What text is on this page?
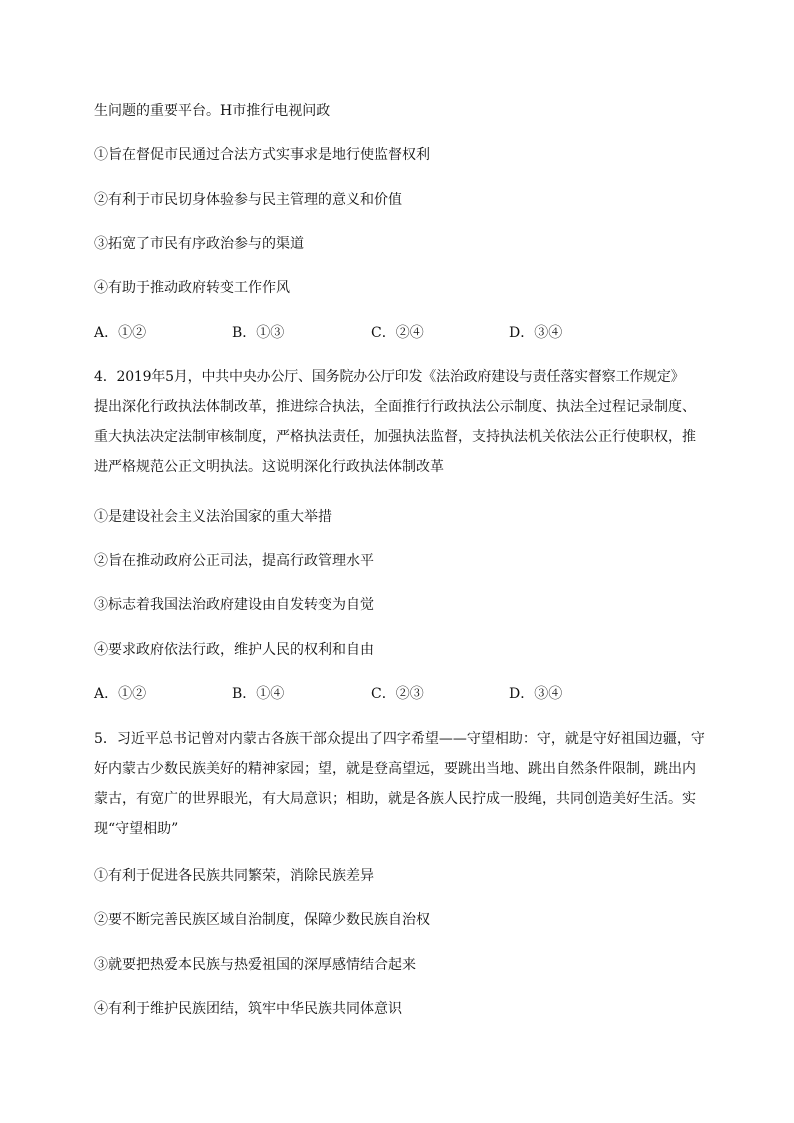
生问题的重要平台。H市推行电视问政
①旨在督促市民通过合法方式实事求是地行使监督权利
②有利于市民切身体验参与民主管理的意义和价值
③拓宽了市民有序政治参与的渠道
④有助于推动政府转变工作作风
A．①②	B．①③	C．②④	D．③④
4．2019年5月，中共中央办公厅、国务院办公厅印发《法治政府建设与责任落实督察工作规定》
提出深化行政执法体制改革，推进综合执法，全面推行行政执法公示制度、执法全过程记录制度、
重大执法决定法制审核制度，严格执法责任，加强执法监督，支持执法机关依法公正行使职权，推
进严格规范公正文明执法。这说明深化行政执法体制改革
①是建设社会主义法治国家的重大举措
②旨在推动政府公正司法，提高行政管理水平
③标志着我国法治政府建设由自发转变为自觉
④要求政府依法行政，维护人民的权利和自由
A．①②	B．①④	C．②③	D．③④
5．习近平总书记曾对内蒙古各族干部众提出了四字希望——守望相助：守，就是守好祖国边疆，守
好内蒙古少数民族美好的精神家园；望，就是登高望远，要跳出当地、跳出自然条件限制，跳出内
蒙古，有宽广的世界眼光，有大局意识；相助，就是各族人民拧成一股绳，共同创造美好生活。实
现“守望相助”
①有利于促进各民族共同繁荣，消除民族差异
②要不断完善民族区域自治制度，保障少数民族自治权
③就要把热爱本民族与热爱祖国的深厚感情结合起来
④有利于维护民族团结，筑牢中华民族共同体意识
